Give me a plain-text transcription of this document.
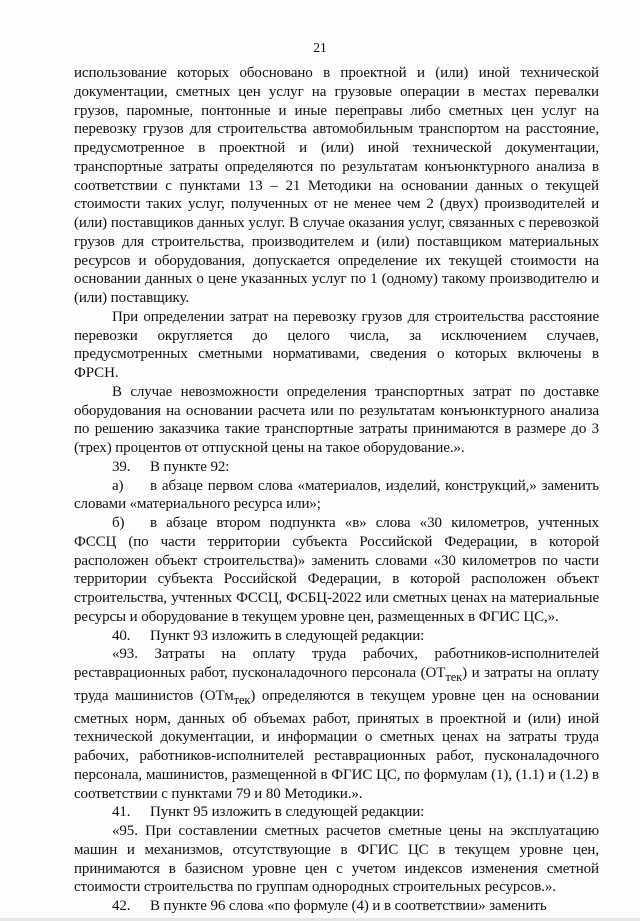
21

использование которых обосновано в проектной и (или) иной технической документации, сметных цен услуг на грузовые операции в местах перевалки грузов, паромные, понтонные и иные переправы либо сметных цен услуг на перевозку грузов для строительства автомобильным транспортом на расстояние, предусмотренное в проектной и (или) иной технической документации, транспортные затраты определяются по результатам конъюнктурного анализа в соответствии с пунктами 13 – 21 Методики на основании данных о текущей стоимости таких услуг, полученных от не менее чем 2 (двух) производителей и (или) поставщиков данных услуг. В случае оказания услуг, связанных с перевозкой грузов для строительства, производителем и (или) поставщиком материальных ресурсов и оборудования, допускается определение их текущей стоимости на основании данных о цене указанных услуг по 1 (одному) такому производителю и (или) поставщику.

При определении затрат на перевозку грузов для строительства расстояние перевозки округляется до целого числа, за исключением случаев, предусмотренных сметными нормативами, сведения о которых включены в ФРСН.

В случае невозможности определения транспортных затрат по доставке оборудования на основании расчета или по результатам конъюнктурного анализа по решению заказчика такие транспортные затраты принимаются в размере до 3 (трех) процентов от отпускной цены на такое оборудование.».

39. В пункте 92:

а) в абзаце первом слова «материалов, изделий, конструкций,» заменить словами «материального ресурса или»;

б) в абзаце втором подпункта «в» слова «30 километров, учтенных ФССЦ (по части территории субъекта Российской Федерации, в которой расположен объект строительства)» заменить словами «30 километров по части территории субъекта Российской Федерации, в которой расположен объект строительства, учтенных ФССЦ, ФСБЦ-2022 или сметных ценах на материальные ресурсы и оборудование в текущем уровне цен, размещенных в ФГИС ЦС,».

40. Пункт 93 изложить в следующей редакции:

«93. Затраты на оплату труда рабочих, работников-исполнителей реставрационных работ, пусконаладочного персонала $(ОТ_{тек})$ и затраты на оплату труда машинистов (ОТм$_{тек}$) определяются в текущем уровне цен на основании сметных норм, данных об объемах работ, принятых в проектной и (или) иной технической документации, и информации о сметных ценах на затраты труда рабочих, работников-исполнителей реставрационных работ, пусконаладочного персонала, машинистов, размещенной в ФГИС ЦС, по формулам (1), (1.1) и (1.2) в соответствии с пунктами 79 и 80 Методики.».

41. Пункт 95 изложить в следующей редакции:

«95. При составлении сметных расчетов сметные цены на эксплуатацию машин и механизмов, отсутствующие в ФГИС ЦС в текущем уровне цен, принимаются в базисном уровне цен с учетом индексов изменения сметной стоимости строительства по группам однородных строительных ресурсов.».

42. В пункте 96 слова «по формуле (4) и в соответствии» заменить
